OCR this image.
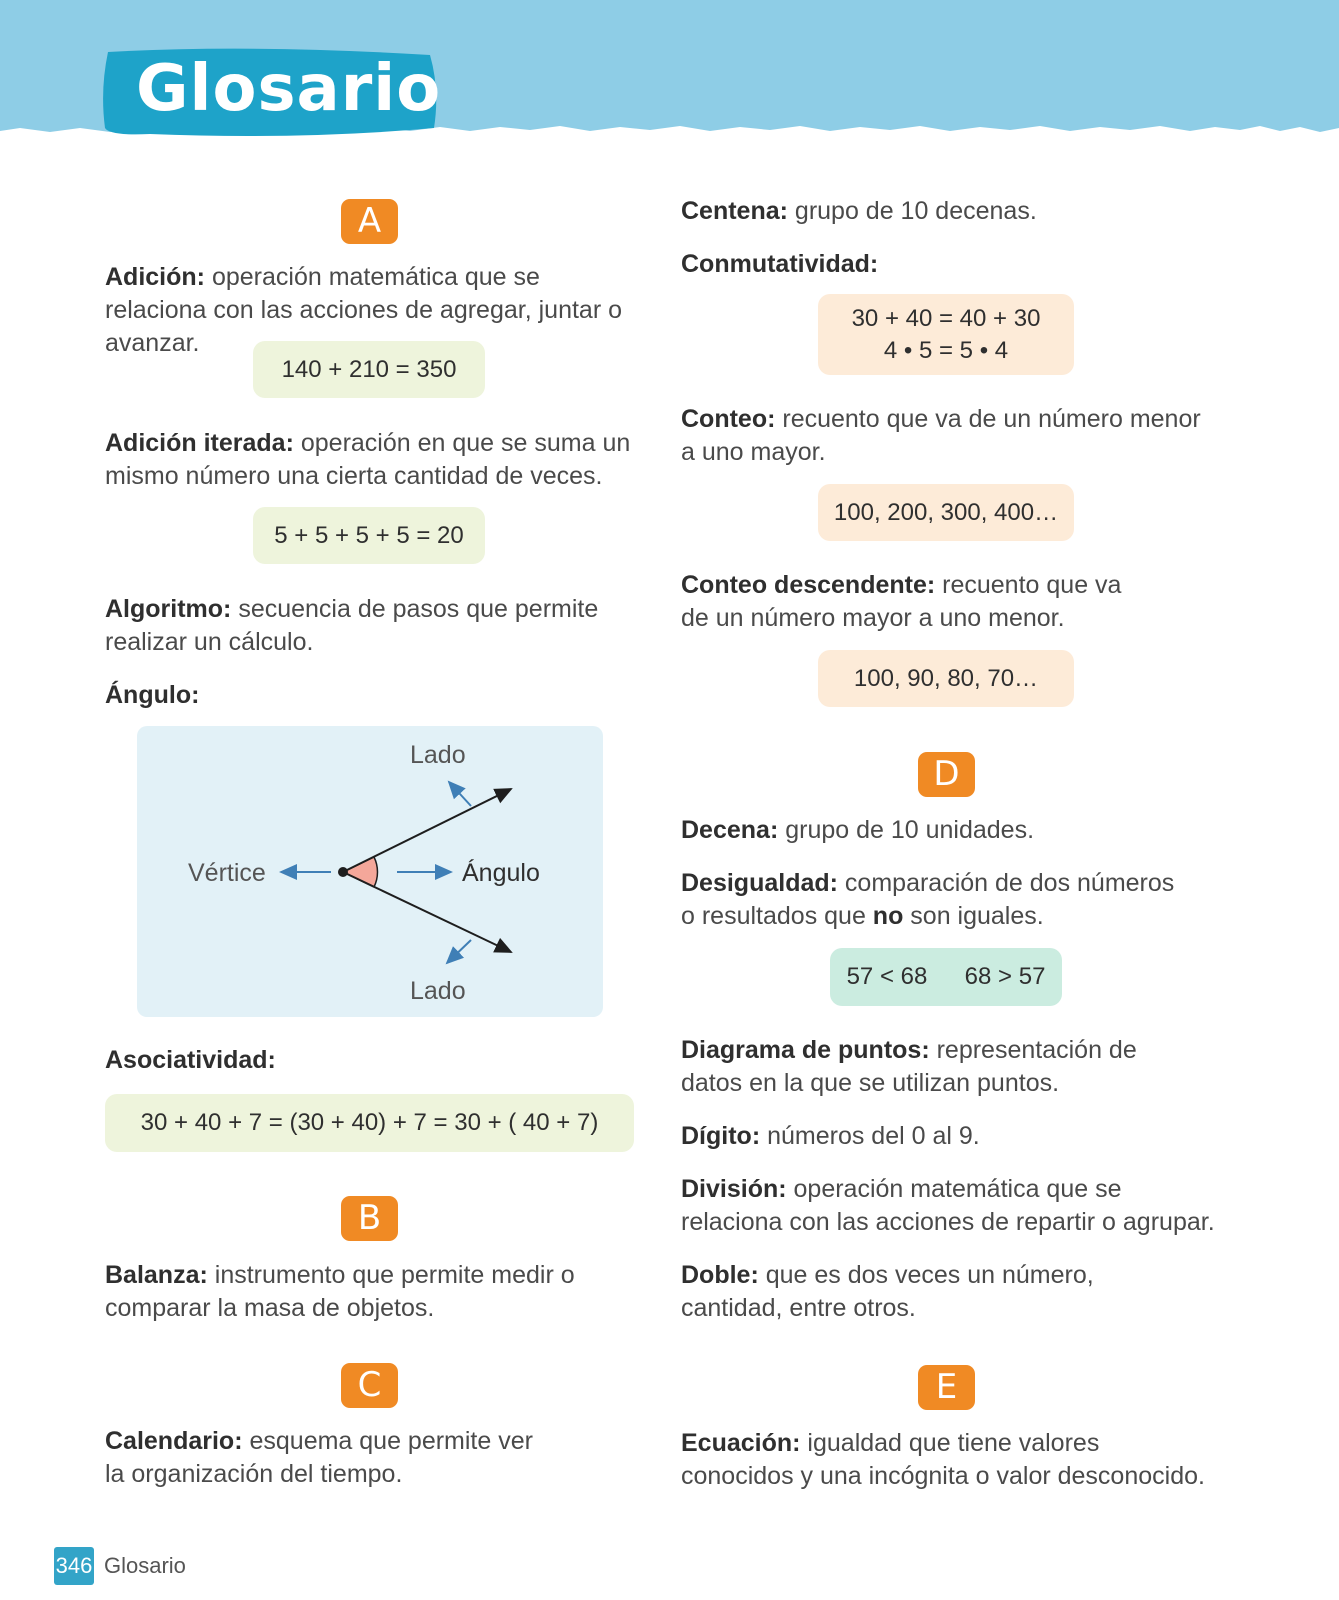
Glosario
A
Adición: operación matemática que se relaciona con las acciones de agregar, juntar o avanzar.
140 + 210 = 350
Adición iterada: operación en que se suma un mismo número una cierta cantidad de veces.
5 + 5 + 5 + 5 = 20
Algoritmo: secuencia de pasos que permite realizar un cálculo.
Ángulo:
Lado
Lado
Vértice	Ángulo
Asociatividad:
30 + 40 + 7 = (30 + 40) + 7 = 30 + ( 40 + 7)
B
Balanza: instrumento que permite medir o comparar la masa de objetos.
C
Calendario: esquema que permite ver la organización del tiempo.
Centena: grupo de 10 decenas.
Conmutatividad:
30 + 40 = 40 + 30
4 • 5 = 5 • 4
Conteo: recuento que va de un número menor a uno mayor.
100, 200, 300, 400…
Conteo descendente: recuento que va de un número mayor a uno menor.
100, 90, 80, 70…
D
Decena: grupo de 10 unidades.
Desigualdad: comparación de dos números o resultados que no son iguales.
57 < 68 68 > 57
Diagrama de puntos: representación de datos en la que se utilizan puntos.
Dígito: números del 0 al 9.
División: operación matemática que se relaciona con las acciones de repartir o agrupar.
Doble: que es dos veces un número, cantidad, entre otros.
E
Ecuación: igualdad que tiene valores conocidos y una incógnita o valor desconocido.
346 Glosario
